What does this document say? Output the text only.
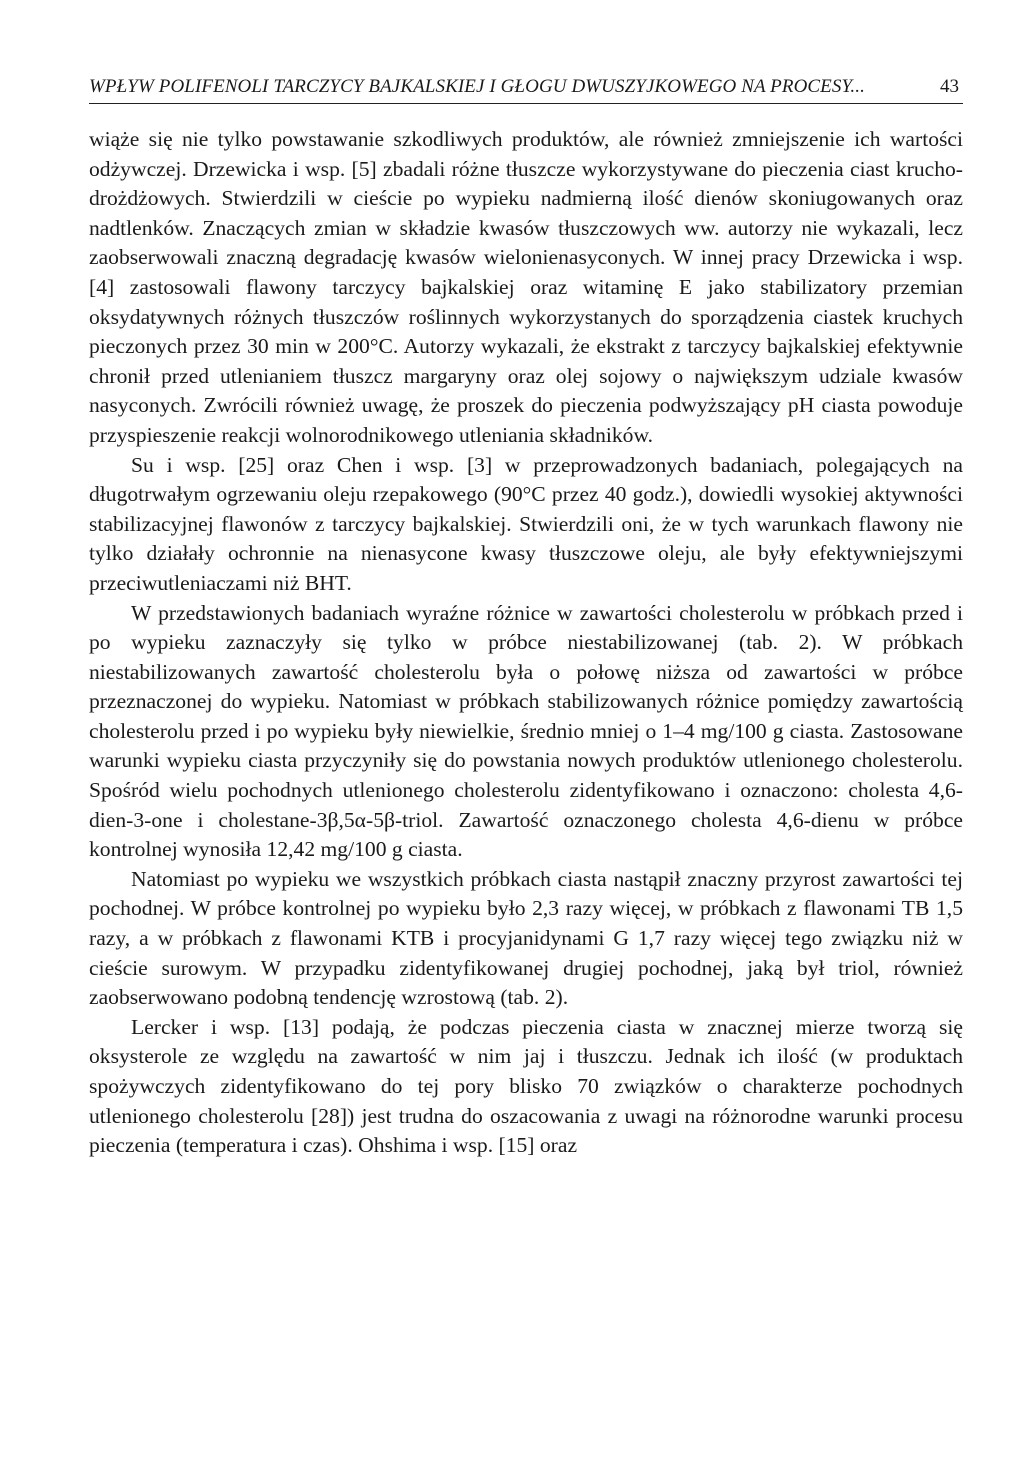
WPŁYW POLIFENOLI TARCZYCY BAJKALSKIEJ I GŁOGU DWUSZYJKOWEGO NA PROCESY...	43

wiąże się nie tylko powstawanie szkodliwych produktów, ale również zmniejszenie ich wartości odżywczej. Drzewicka i wsp. [5] zbadali różne tłuszcze wykorzystywane do pieczenia ciast krucho-drożdżowych. Stwierdzili w cieście po wypieku nadmierną ilość dienów skoniugowanych oraz nadtlenków. Znaczących zmian w składzie kwasów tłuszczowych ww. autorzy nie wykazali, lecz zaobserwowali znaczną degradację kwasów wielonienasyconych. W innej pracy Drzewicka i wsp. [4] zastosowali flawony tarczycy bajkalskiej oraz witaminę E jako stabilizatory przemian oksydatywnych różnych tłuszczów roślinnych wykorzystanych do sporządzenia ciastek kruchych pieczonych przez 30 min w 200°C. Autorzy wykazali, że ekstrakt z tarczycy bajkalskiej efektywnie chronił przed utlenianiem tłuszcz margaryny oraz olej sojowy o największym udziale kwasów nasyconych. Zwrócili również uwagę, że proszek do pieczenia podwyższający pH ciasta powoduje przyspieszenie reakcji wolnorodnikowego utleniania składników.

Su i wsp. [25] oraz Chen i wsp. [3] w przeprowadzonych badaniach, polegających na długotrwałym ogrzewaniu oleju rzepakowego (90°C przez 40 godz.), dowiedli wysokiej aktywności stabilizacyjnej flawonów z tarczycy bajkalskiej. Stwierdzili oni, że w tych warunkach flawony nie tylko działały ochronnie na nienasycone kwasy tłuszczowe oleju, ale były efektywniejszymi przeciwutleniaczami niż BHT.

W przedstawionych badaniach wyraźne różnice w zawartości cholesterolu w próbkach przed i po wypieku zaznaczyły się tylko w próbce niestabilizowanej (tab. 2). W próbkach niestabilizowanych zawartość cholesterolu była o połowę niższa od zawartości w próbce przeznaczonej do wypieku. Natomiast w próbkach stabilizowanych różnice pomiędzy zawartością cholesterolu przed i po wypieku były niewielkie, średnio mniej o 1–4 mg/100 g ciasta. Zastosowane warunki wypieku ciasta przyczyniły się do powstania nowych produktów utlenionego cholesterolu. Spośród wielu pochodnych utlenionego cholesterolu zidentyfikowano i oznaczono: cholesta 4,6-dien-3-one i cholestane-3β,5α-5β-triol. Zawartość oznaczonego cholesta 4,6-dienu w próbce kontrolnej wynosiła 12,42 mg/100 g ciasta.

Natomiast po wypieku we wszystkich próbkach ciasta nastąpił znaczny przyrost zawartości tej pochodnej. W próbce kontrolnej po wypieku było 2,3 razy więcej, w próbkach z flawonami TB 1,5 razy, a w próbkach z flawonami KTB i procyjanidynami G 1,7 razy więcej tego związku niż w cieście surowym. W przypadku zidentyfikowanej drugiej pochodnej, jaką był triol, również zaobserwowano podobną tendencję wzrostową (tab. 2).

Lercker i wsp. [13] podają, że podczas pieczenia ciasta w znacznej mierze tworzą się oksysterole ze względu na zawartość w nim jaj i tłuszczu. Jednak ich ilość (w produktach spożywczych zidentyfikowano do tej pory blisko 70 związków o charakterze pochodnych utlenionego cholesterolu [28]) jest trudna do oszacowania z uwagi na różnorodne warunki procesu pieczenia (temperatura i czas). Ohshima i wsp. [15] oraz
